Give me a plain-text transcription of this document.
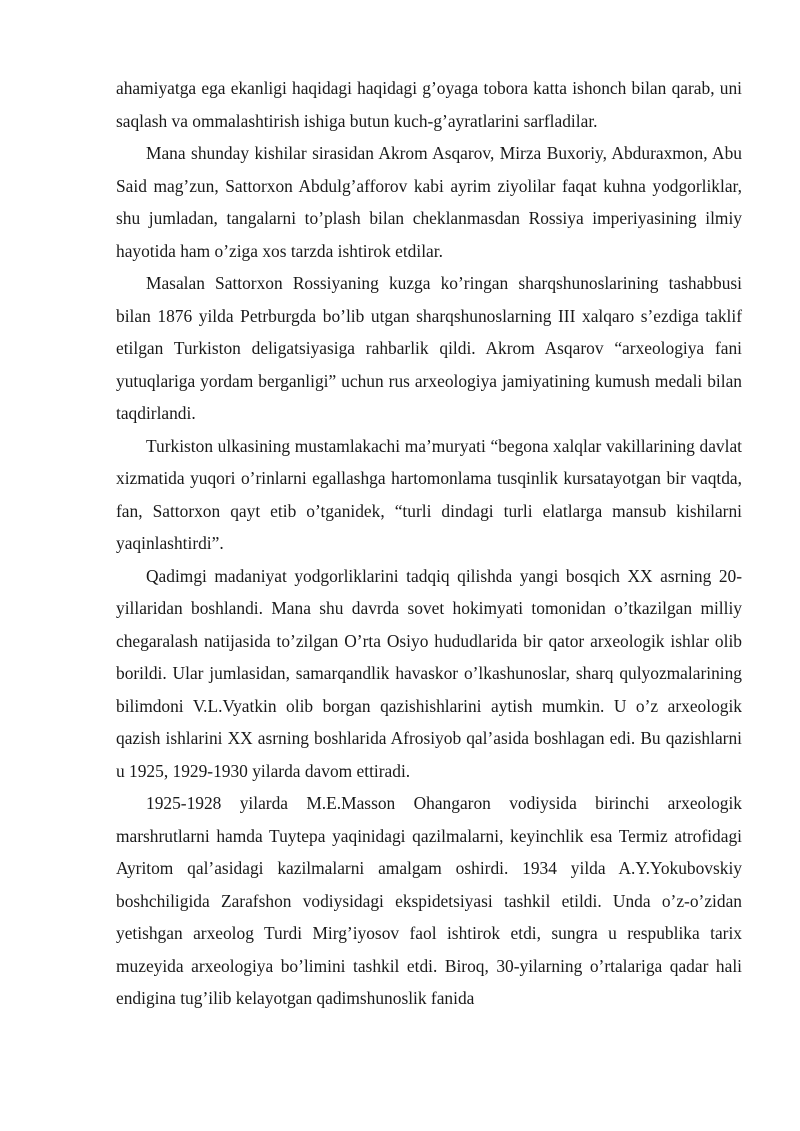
ahamiyatga ega ekanligi haqidagi haqidagi g’oyaga tobora katta ishonch bilan qarab, uni saqlash va ommalashtirish ishiga butun kuch-g’ayratlarini sarfladilar.

Mana shunday kishilar sirasidan Akrom Asqarov, Mirza Buxoriy, Abduraxmon, Abu Said mag’zun, Sattorxon Abdulg’afforov kabi ayrim ziyolilar faqat kuhna yodgorliklar, shu jumladan, tangalarni to’plash bilan cheklanmasdan Rossiya imperiyasining ilmiy hayotida ham o’ziga xos tarzda ishtirok etdilar.

Masalan Sattorxon Rossiyaning kuzga ko’ringan sharqshunoslarining tashabbusi bilan 1876 yilda Petrburgda bo’lib utgan sharqshunoslarning III xalqaro s’ezdiga taklif etilgan Turkiston deligatsiyasiga rahbarlik qildi. Akrom Asqarov “arxeologiya fani yutuqlariga yordam berganligi” uchun rus arxeologiya jamiyatining kumush medali bilan taqdirlandi.

Turkiston ulkasining mustamlakachi ma’muryati “begona xalqlar vakillarining davlat xizmatida yuqori o’rinlarni egallashga hartomonlama tusqinlik kursatayotgan bir vaqtda, fan, Sattorxon qayt etib o’tganidek, “turli dindagi turli elatlarga mansub kishilarni yaqinlashtirdi”.

Qadimgi madaniyat yodgorliklarini tadqiq qilishda yangi bosqich XX asrning 20-yillaridan boshlandi. Mana shu davrda sovet hokimyati tomonidan o’tkazilgan milliy chegaralash natijasida to’zilgan O’rta Osiyo hududlarida bir qator arxeologik ishlar olib borildi. Ular jumlasidan, samarqandlik havaskor o’lkashunoslar, sharq qulyozmalarining bilimdoni V.L.Vyatkin olib borgan qazishishlarini aytish mumkin. U o’z arxeologik qazish ishlarini XX asrning boshlarida Afrosiyob qal’asida boshlagan edi. Bu qazishlarni u 1925, 1929-1930 yilarda davom ettiradi.

1925-1928 yilarda M.E.Masson Ohangaron vodiysida birinchi arxeologik marshrutlarni hamda Tuytepa yaqinidagi qazilmalarni, keyinchlik esa Termiz atrofidagi Ayritom qal’asidagi kazilmalarni amalgam oshirdi. 1934 yilda A.Y.Yokubovskiy boshchiligida Zarafshon vodiysidagi ekspidetsiyasi tashkil etildi. Unda o’z-o’zidan yetishgan arxeolog Turdi Mirg’iyosov faol ishtirok etdi, sungra u respublika tarix muzeyida arxeologiya bo’limini tashkil etdi. Biroq, 30-yilarning o’rtalariga qadar hali endigina tug’ilib kelayotgan qadimshunoslik fanida
